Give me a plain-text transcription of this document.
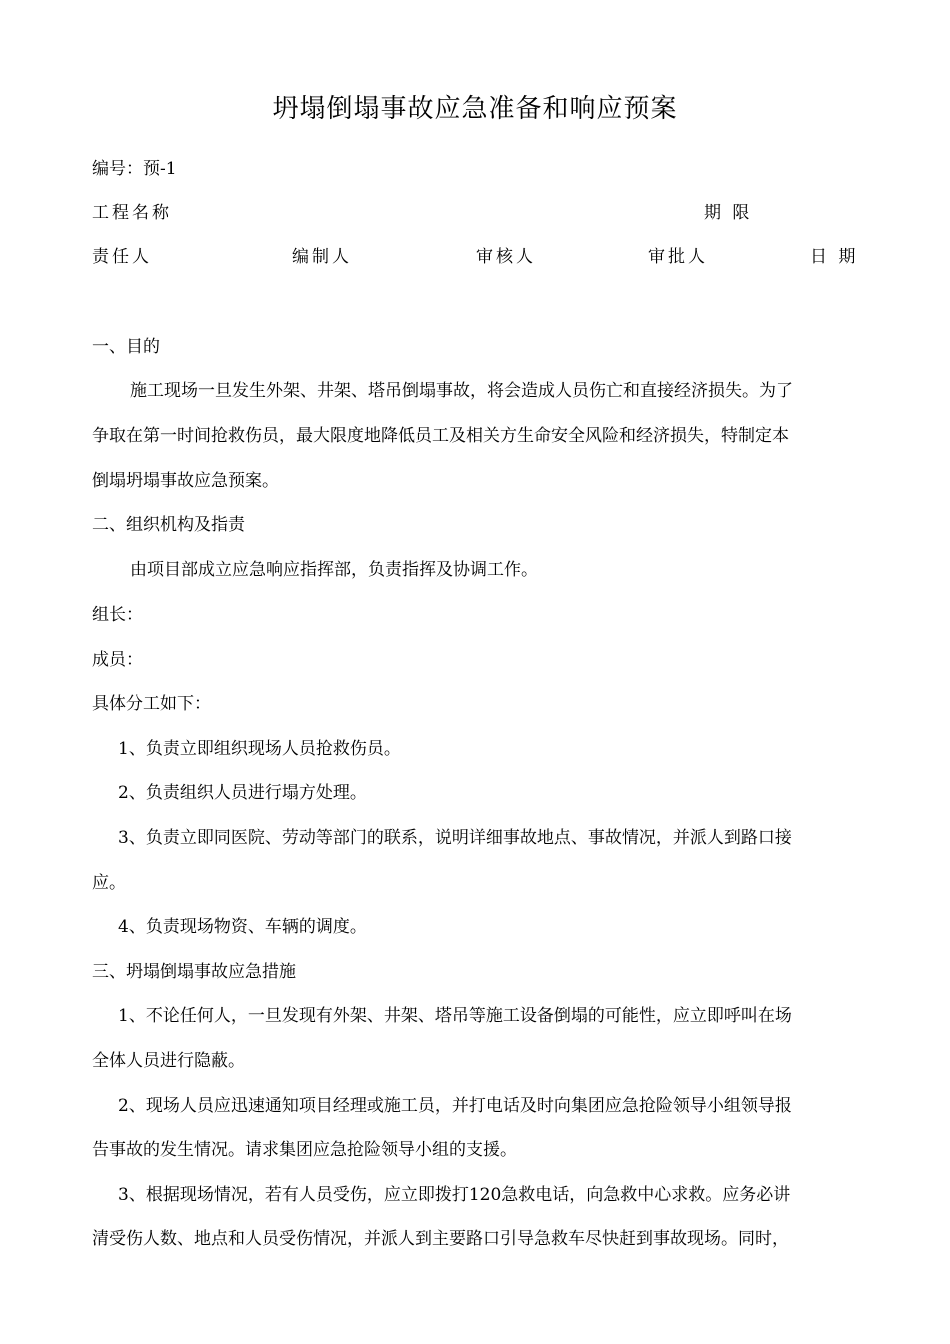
坍塌倒塌事故应急准备和响应预案
编号：预-1
工程名称	期 限
责任人	编制人	审核人	审批人	日 期
一、目的
施工现场一旦发生外架、井架、塔吊倒塌事故，将会造成人员伤亡和直接经济损失。为了
争取在第一时间抢救伤员，最大限度地降低员工及相关方生命安全风险和经济损失，特制定本
倒塌坍塌事故应急预案。
二、组织机构及指责
由项目部成立应急响应指挥部，负责指挥及协调工作。
组长：
成员：
具体分工如下：
1、负责立即组织现场人员抢救伤员。
2、负责组织人员进行塌方处理。
3、负责立即同医院、劳动等部门的联系，说明详细事故地点、事故情况，并派人到路口接
应。
4、负责现场物资、车辆的调度。
三、坍塌倒塌事故应急措施
1、不论任何人，一旦发现有外架、井架、塔吊等施工设备倒塌的可能性，应立即呼叫在场
全体人员进行隐蔽。
2、现场人员应迅速通知项目经理或施工员，并打电话及时向集团应急抢险领导小组领导报
告事故的发生情况。请求集团应急抢险领导小组的支援。
3、根据现场情况，若有人员受伤，应立即拨打120急救电话，向急救中心求救。应务必讲
清受伤人数、地点和人员受伤情况，并派人到主要路口引导急救车尽快赶到事故现场。同时，
